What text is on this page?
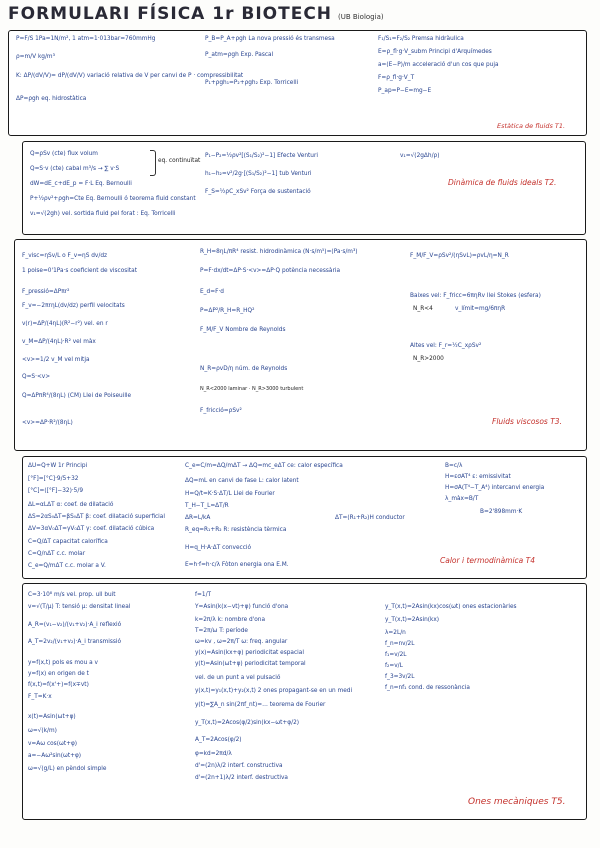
FORMULARI FÍSICA 1r BIOTECH (UB Biologia)
P=F/S 1Pa=1N/m², 1 atm=1·013bar=760mmHg
ρ=m/V kg/m³
K: ΔP/(dV/V)= dP/(dV/V) variació relativa de V per canvi de P · compressibilitat
ΔP=ρgh eq. hidrostàtica
P_B=P_A+ρgh La nova pressió és transmesa
P_atm=ρgh Exp. Pascal
P₁+ρgh₁=P₂+ρgh₂ Exp. Torricelli
F₁/S₁=F₂/S₂ Premsa hidràulica
E=ρ_fl·g·V_subm Principi d'Arquímedes
a=(E−P)/m acceleració d'un cos que puja
F=ρ_fl·g·V_T
P_ap=P−E=mg−E
Estàtica de fluids T1.
Q=ρSv (cte) flux volum
Q=S·v (cte) cabal m³/s → ∑ v·S
dW=dE_c+dE_p = F·L Eq. Bernoulli
P+½ρv²+ρgh=Cte Eq. Bernoulli ó teorema fluid constant
v₁=√(2gh) vel. sortida fluid pel forat : Eq. Torricelli
eq. continuïtat
P₁−P₂=½ρv²[(S₁/S₂)²−1] Efecte Venturi
h₁−h₂=v²/2g·[(S₁/S₂)²−1] tub Venturi
F_S=½ρC_xSv² Força de sustentació
v₁=√(2gΔh/ρ)
Dinàmica de fluids ideals T2.
F_visc=ηSv/L o F_v=ηS dv/dz
1 poise=0'1Pa·s coeficient de viscositat
F_pressió=ΔPπr²
F_v=−2πrηL(dv/dz) perfil velocitats
v(r)=ΔP/(4ηL)(R²−r²) vel. en r
v_M=ΔP/(4ηL)·R² vel màx
<v>=1/2 v_M vel mitja
Q=S·<v>
Q=ΔPπR⁴/(8ηL) (CM) Llei de Poiseuille
<v>=ΔP·R²/(8ηL)
R_H=8ηL/πR⁴ resist. hidrodinàmica (N·s/m⁵)=(Pa·s/m³)
P=F·dx/dt=ΔP·S·<v>=ΔP·Q potència necessària
E_d=F·d
P=ΔP²/R_H=R_HQ²
F_M/F_V Nombre de Reynolds
N_R=ρvD/η núm. de Reynolds
N_R<2000 laminar · N_R>3000 turbulent
F_fricció=ρSv²
F_M/F_V=ρSv²/(ηSvL)=ρvL/η=N_R
Baixes vel: F_fricc=6πηRv llei Stokes (esfera)
v_límit=mg/6πηR
N_R<4
Altes vel: F_r=½C_xρSv²
N_R>2000
Fluids viscosos T3.
ΔU=Q+W 1r Principi
[°F]=[°C]·9/5+32
[°C]=([°F]−32)·5/9
ΔL=αLΔT α: coef. de dilatació
ΔS=2αS₀ΔT=βS₀ΔT β: coef. dilatació superficial
ΔV=3αV₀ΔT=γV₀ΔT γ: coef. dilatació cúbica
C=Q/ΔT capacitat calorífica
C=Q/nΔT c.c. molar
C_e=Q/mΔT c.c. molar a V.
C_e=C/m=ΔQ/mΔT → ΔQ=mc_eΔT ce: calor específica
ΔQ=mL en canvi de fase L: calor latent
H=Q/t=K·S·ΔT/L Llei de Fourier
T_H−T_L=ΔT/R
ΔR=L/kA
R_eq=R₁+R₂ R: resistència tèrmica
ΔT=(R₁+R₂)H conductor
H=q_H·A·ΔT convecció
E=h·f=h·c/λ Fòton energia ona E.M.
B=c/λ
H=εσAT⁴ ε: emissivitat
H=σA(T⁴−T_A⁴) intercanvi energia
λ_màx=B/T
B=2'898mm·K
Calor i termodinàmica T4
C=3·10⁸ m/s vel. prop. ull buit
v=√(T/μ) T: tensió μ: densitat lineal
A_R=(v₁−v₂)/(v₁+v₂)·A_i reflexió
A_T=2v₂/(v₁+v₂)·A_i transmissió
y=f(x,t) pols es mou a v
y=f(x) en origen de t
f(x,t)=f(x'+)=f(x∓vt)
F_T=K·x
x(t)=Asin(ωt+φ)
ω=√(k/m)
v=Aω cos(ωt+φ)
a=−Aω²sin(ωt+φ)
ω=√(g/L) en pèndol simple
f=1/T
Y=Asin(k(x−vt)+φ) funció d'ona
k=2π/λ k: nombre d'ona
T=2π/ω T: període
ω=kv , ω=2π/T ω: freq. angular
y(x)=Asin(kx+φ) periodicitat espacial
y(t)=Asin(ωt+φ) periodicitat temporal
vel. de un punt a vel pulsació
y(x,t)=y₁(x,t)+y₂(x,t) 2 ones propagant-se en un medi
y(t)=∑A_n sin(2πf_nt)=… teorema de Fourier
y_T(x,t)=2Acos(φ/2)sin(kx−ωt+φ/2)
A_T=2Acos(φ/2)
φ=kd=2πd/λ
d'=(2n)λ/2 interf. constructiva
d'=(2n+1)λ/2 interf. destructiva
y_T(x,t)=2Asin(kx)cos(ωt) ones estacionàries
y_T(x,t)=2Asin(kx)
λ=2L/n
f_n=nv/2L
f₁=v/2L
f₂=v/L
f_3=3v/2L
f_n=nf₁ cond. de ressonància
Ones mecàniques T5.
